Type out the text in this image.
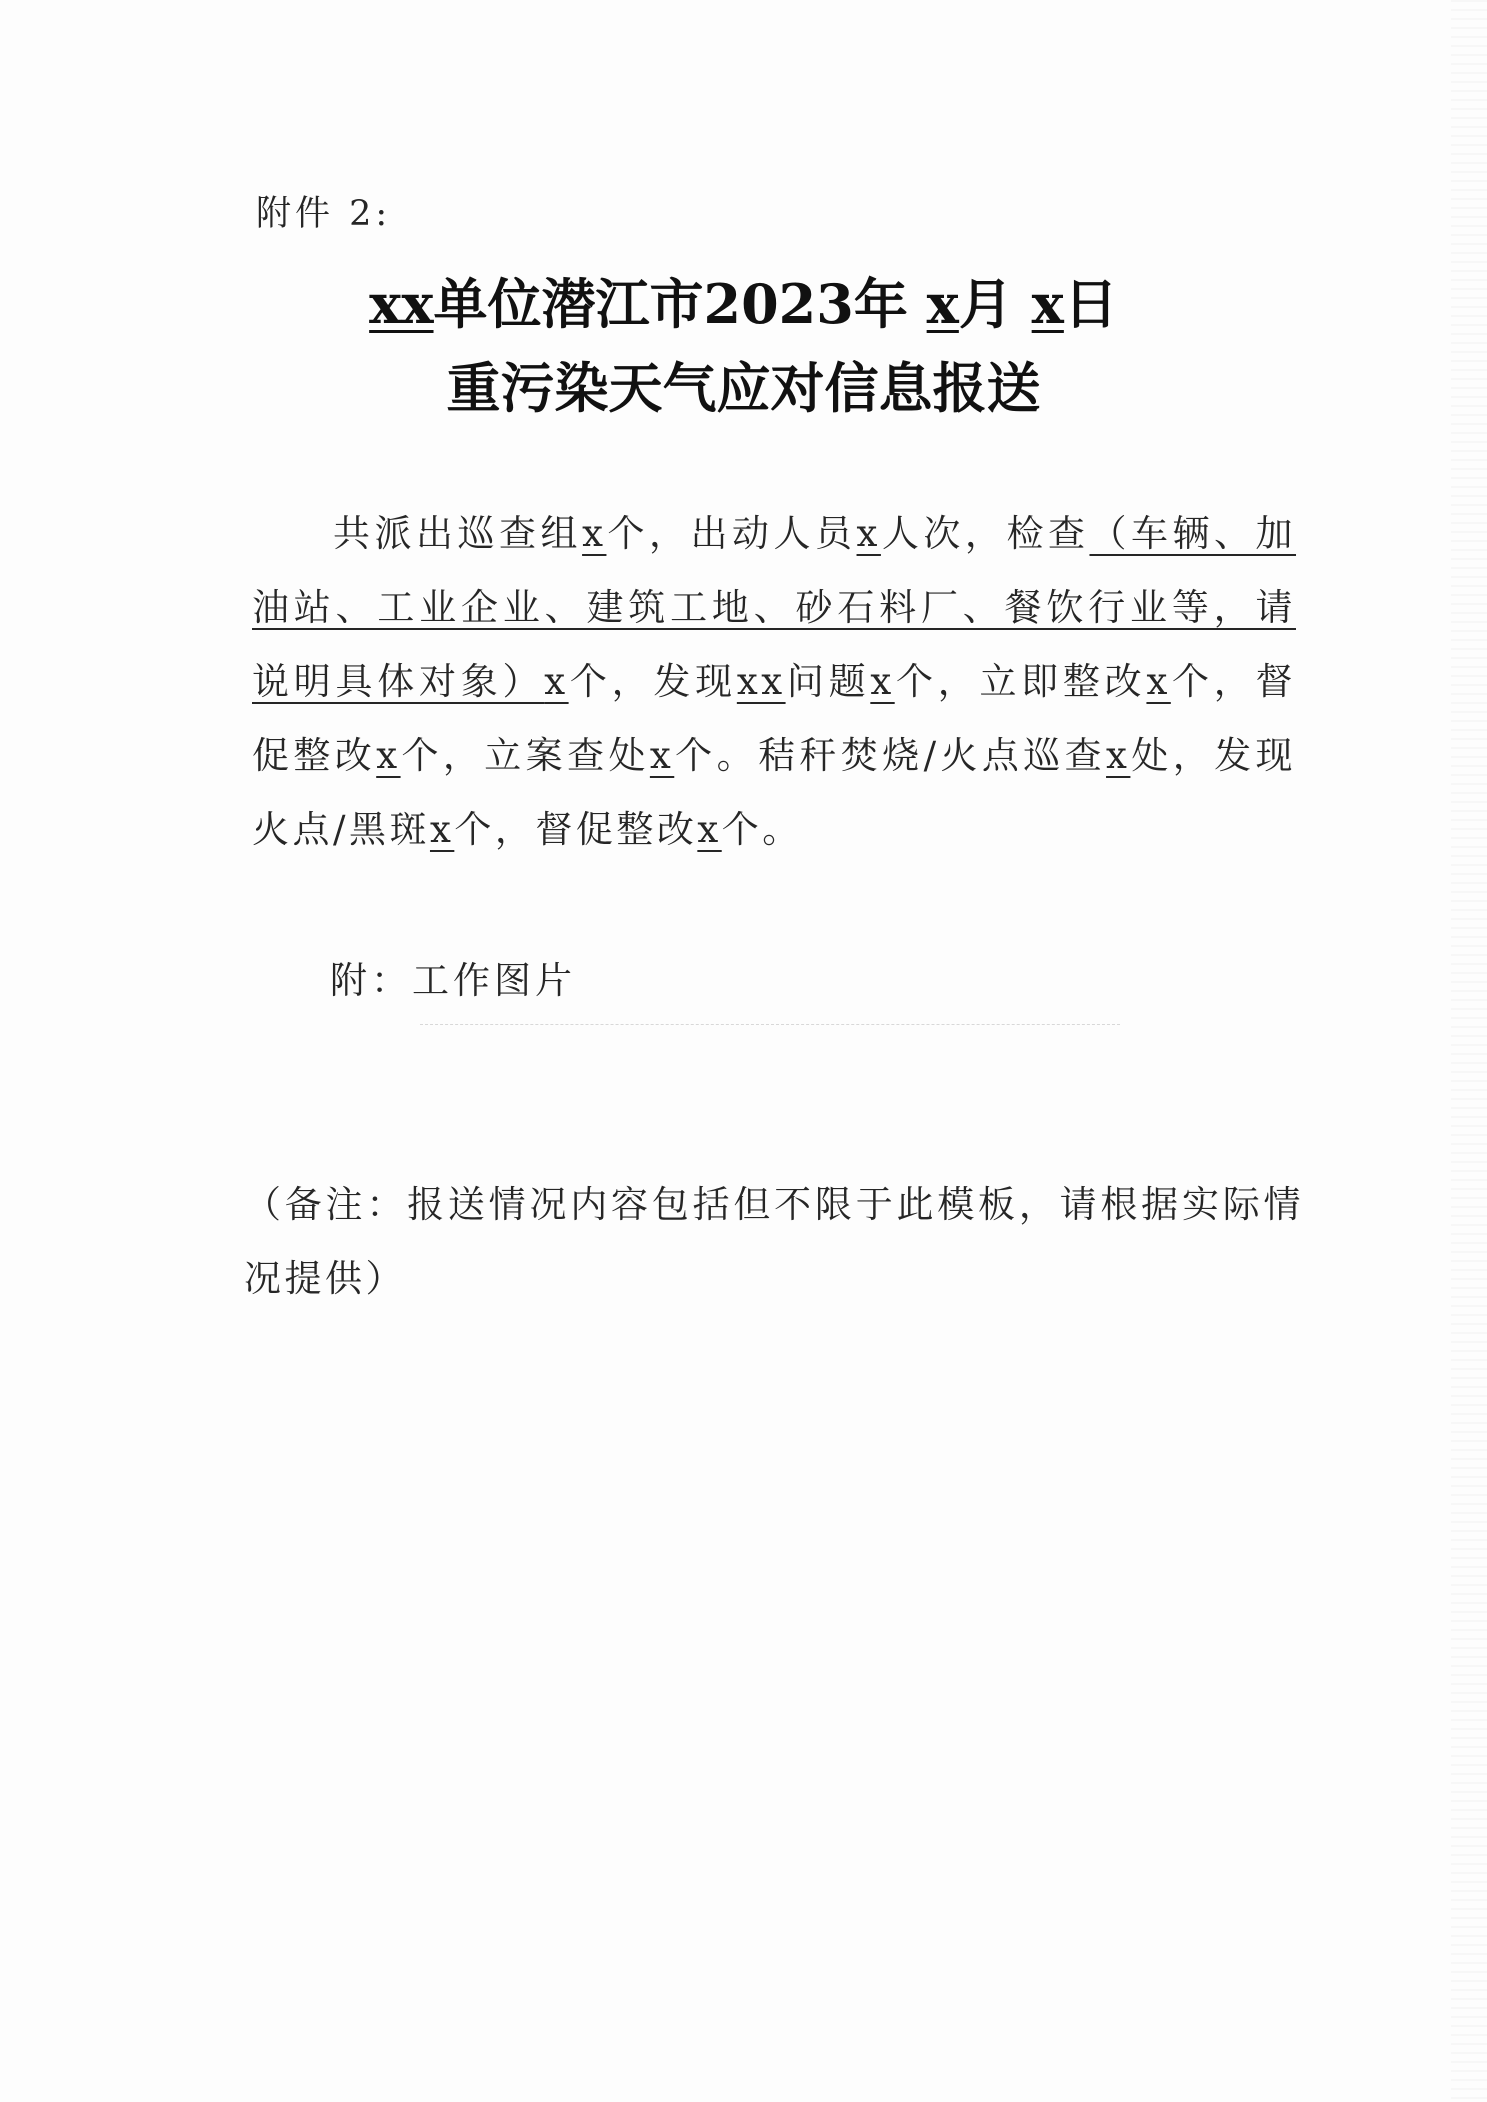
附件 2:
xx单位潜江市2023年 x月 x日
重污染天气应对信息报送
共派出巡查组x个，出动人员x人次，检查（车辆、加油站、工业企业、建筑工地、砂石料厂、餐饮行业等，请说明具体对象）x个，发现xx问题x个，立即整改x个，督促整改x个，立案查处x个。秸秆焚烧/火点巡查x处，发现火点/黑斑x个，督促整改x个。
附：工作图片
（备注：报送情况内容包括但不限于此模板，请根据实际情况提供）
